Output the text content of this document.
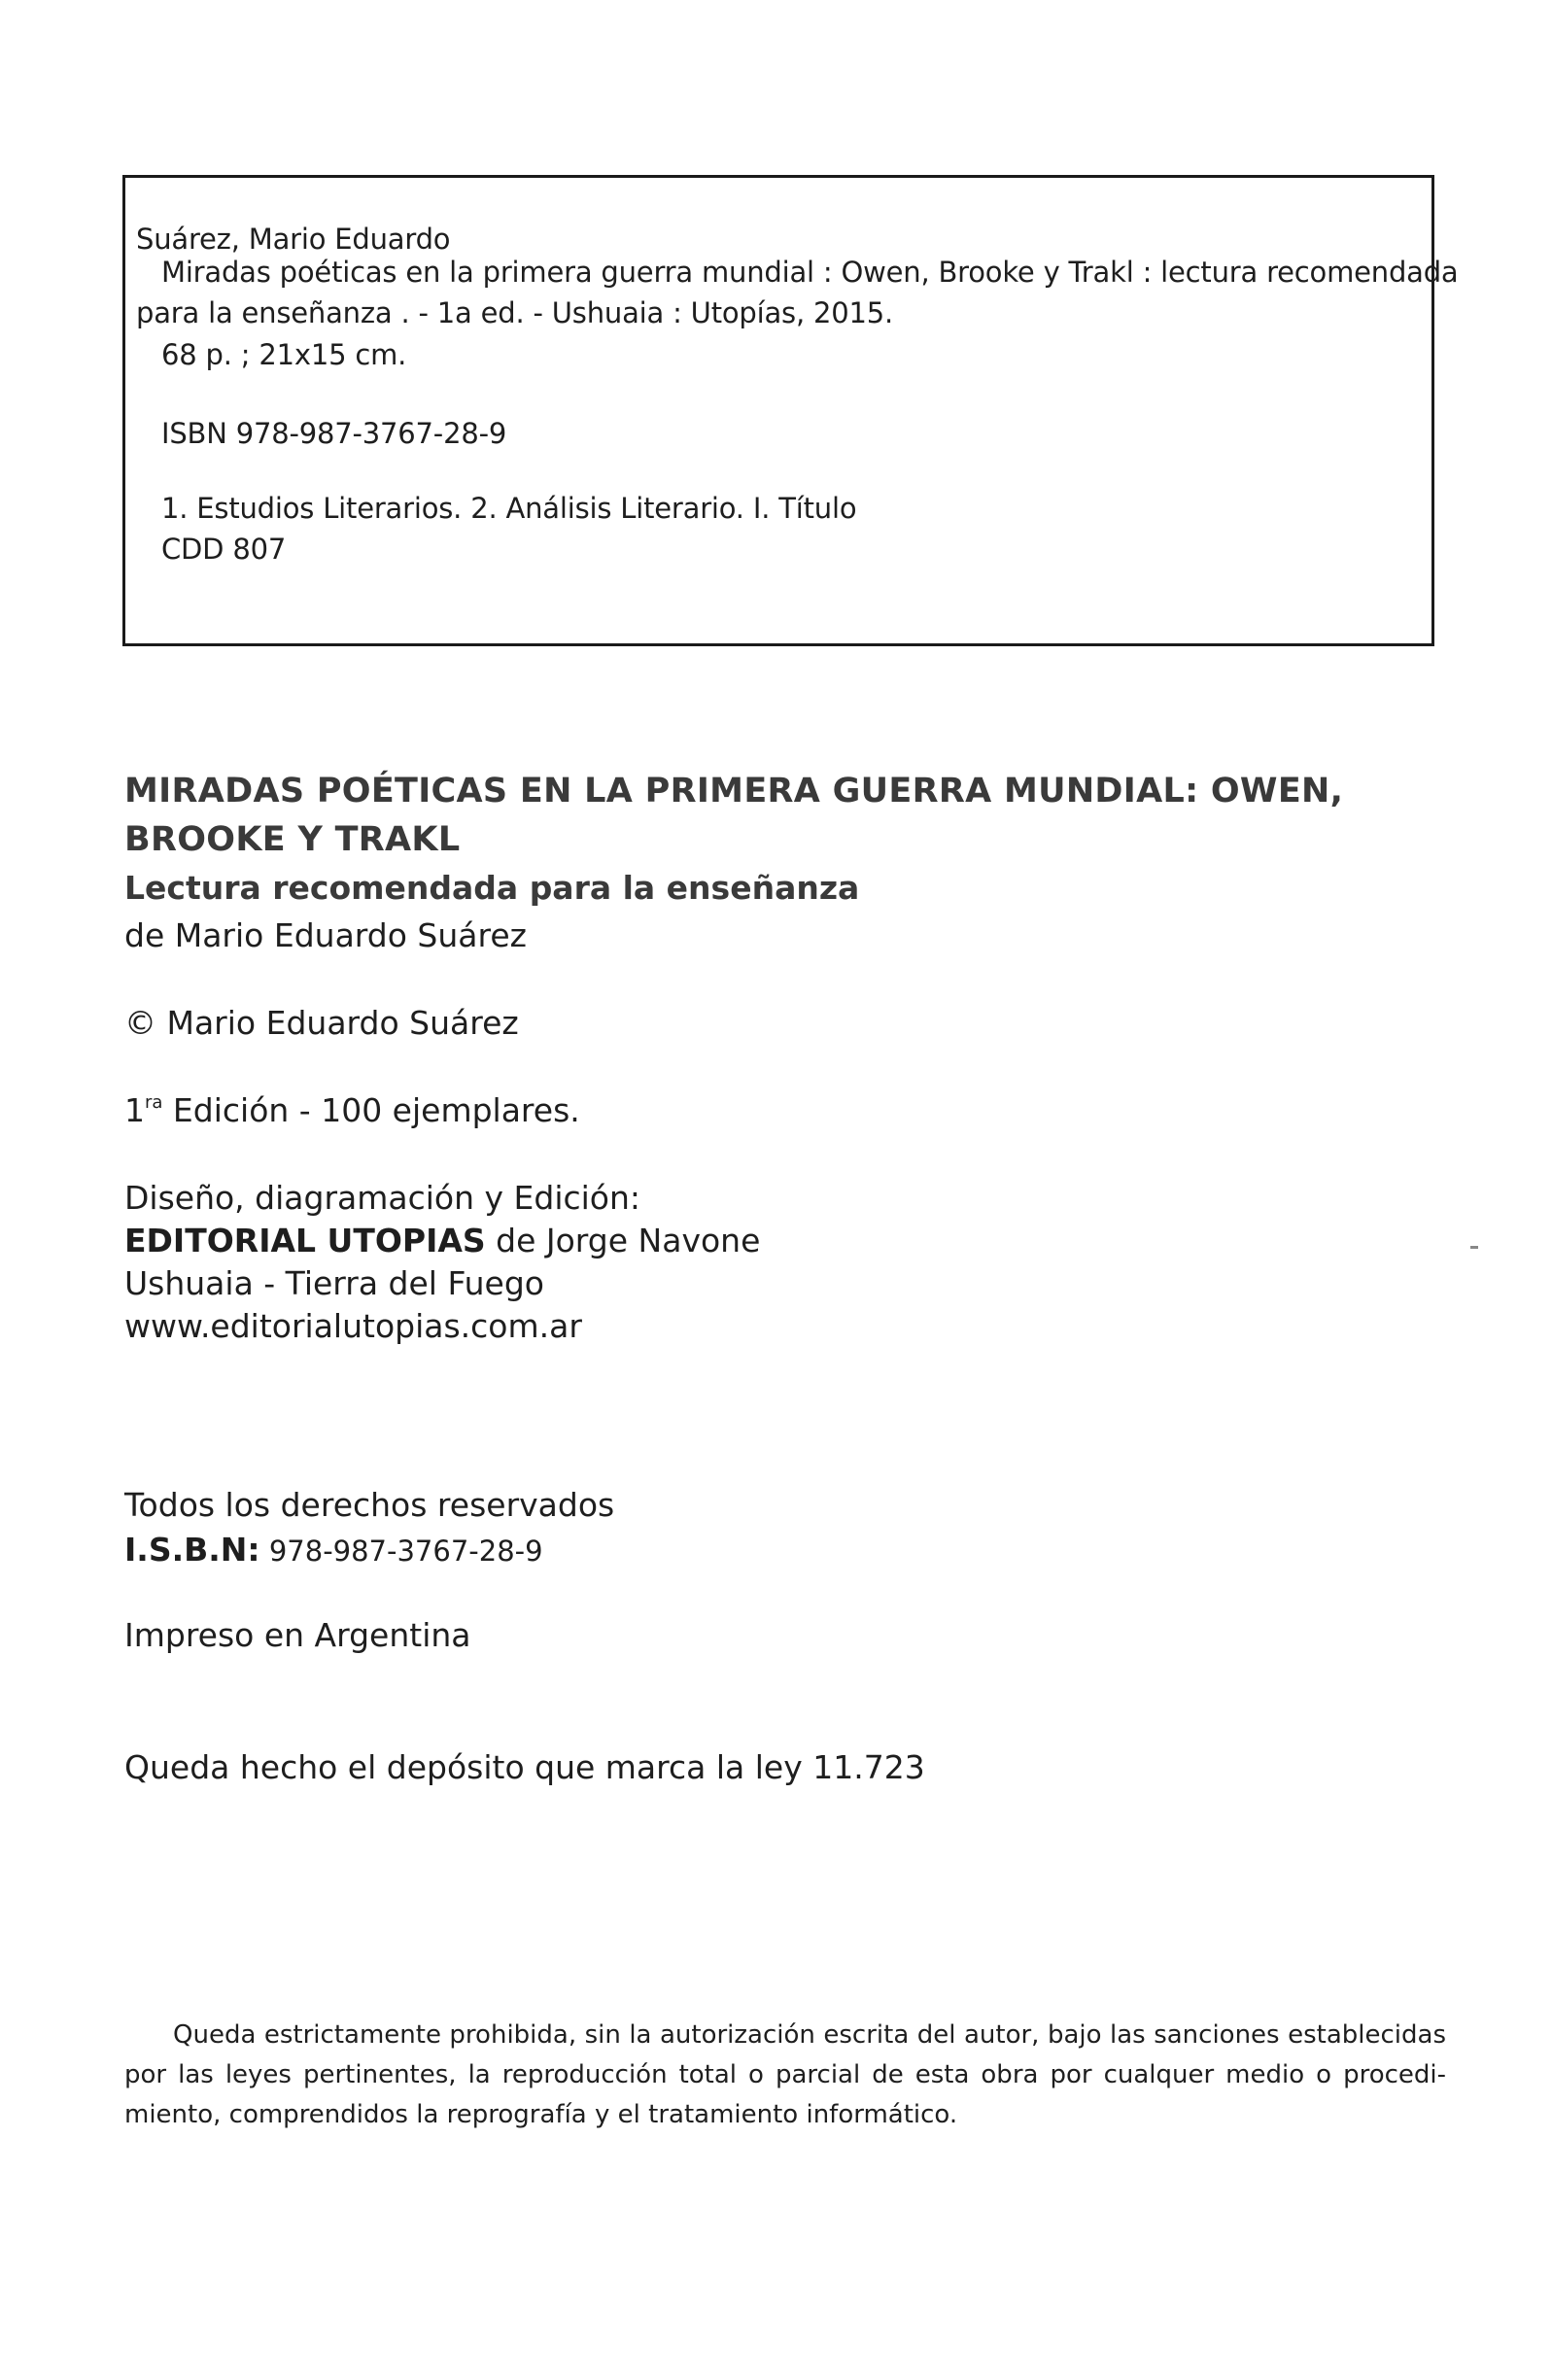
Suárez, Mario Eduardo
Miradas poéticas en la primera guerra mundial : Owen, Brooke y Trakl : lectura recomendada
para la enseñanza . - 1a ed. - Ushuaia : Utopías, 2015.
68 p. ; 21x15 cm.
ISBN 978-987-3767-28-9
1. Estudios Literarios. 2. Análisis Literario. I. Título
CDD 807
MIRADAS POÉTICAS EN LA PRIMERA GUERRA MUNDIAL: OWEN,
BROOKE Y TRAKL
Lectura recomendada para la enseñanza
de Mario Eduardo Suárez
© Mario Eduardo Suárez
$1^{ra}$ Edición - 100 ejemplares.
Diseño, diagramación y Edición:
EDITORIAL UTOPIAS de Jorge Navone
Ushuaia - Tierra del Fuego
www.editorialutopias.com.ar
Todos los derechos reservados
I.S.B.N: 978-987-3767-28-9
Impreso en Argentina
Queda hecho el depósito que marca la ley 11.723
Queda estrictamente prohibida, sin la autorización escrita del autor, bajo las sanciones establecidas por las leyes pertinentes, la reproducción total o parcial de esta obra por cualquer medio o procedi-miento, comprendidos la reprografía y el tratamiento informático.
